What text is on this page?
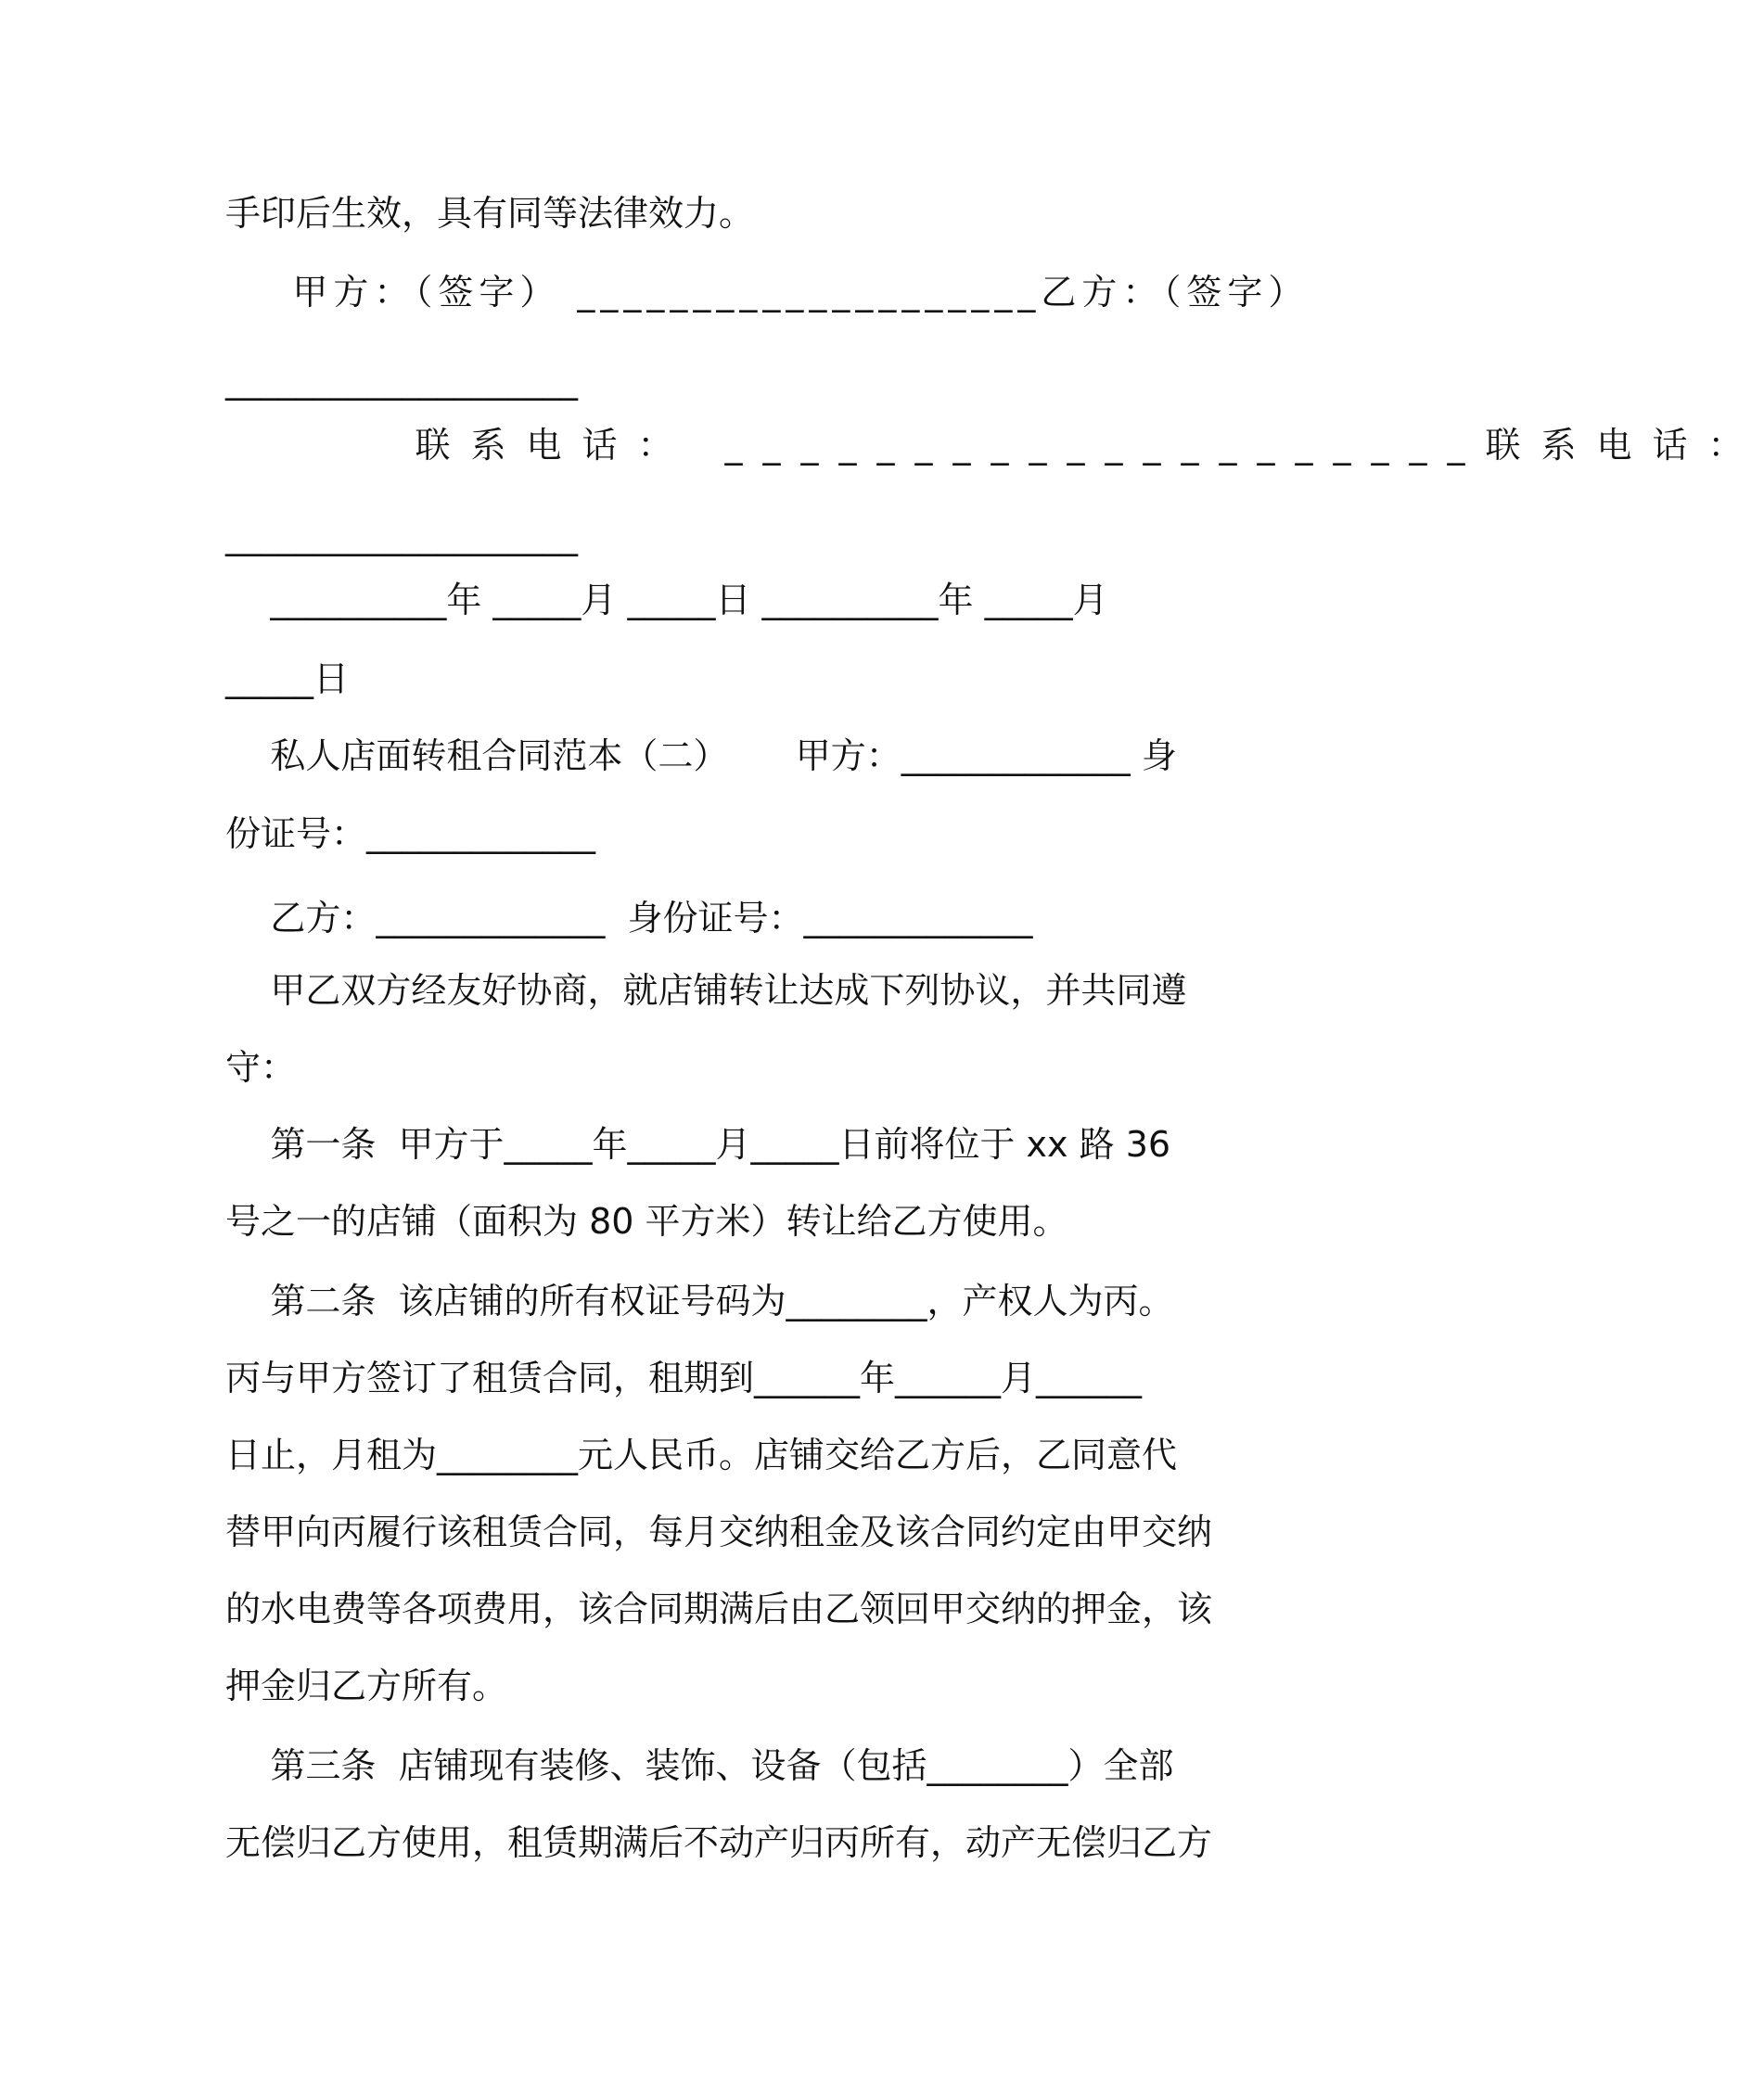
手印后生效，具有同等法律效力。
甲方：（签字） ____________________乙方：（签字）
____________________
联系电话： ____________________联系电话：
____________________
__________年 _____月 _____日 __________年 _____月
_____日
私人店面转租合同范本（二）      甲方：_____________ 身
份证号：_____________
乙方：_____________  身份证号：_____________
甲乙双方经友好协商，就店铺转让达成下列协议，并共同遵
守：
第一条  甲方于_____年_____月_____日前将位于 xx 路 36
号之一的店铺（面积为 80 平方米）转让给乙方使用。
第二条  该店铺的所有权证号码为________，产权人为丙。
丙与甲方签订了租赁合同，租期到______年______月______
日止，月租为________元人民币。店铺交给乙方后，乙同意代
替甲向丙履行该租赁合同，每月交纳租金及该合同约定由甲交纳
的水电费等各项费用，该合同期满后由乙领回甲交纳的押金，该
押金归乙方所有。
第三条  店铺现有装修、装饰、设备（包括________）全部
无偿归乙方使用，租赁期满后不动产归丙所有，动产无偿归乙方
